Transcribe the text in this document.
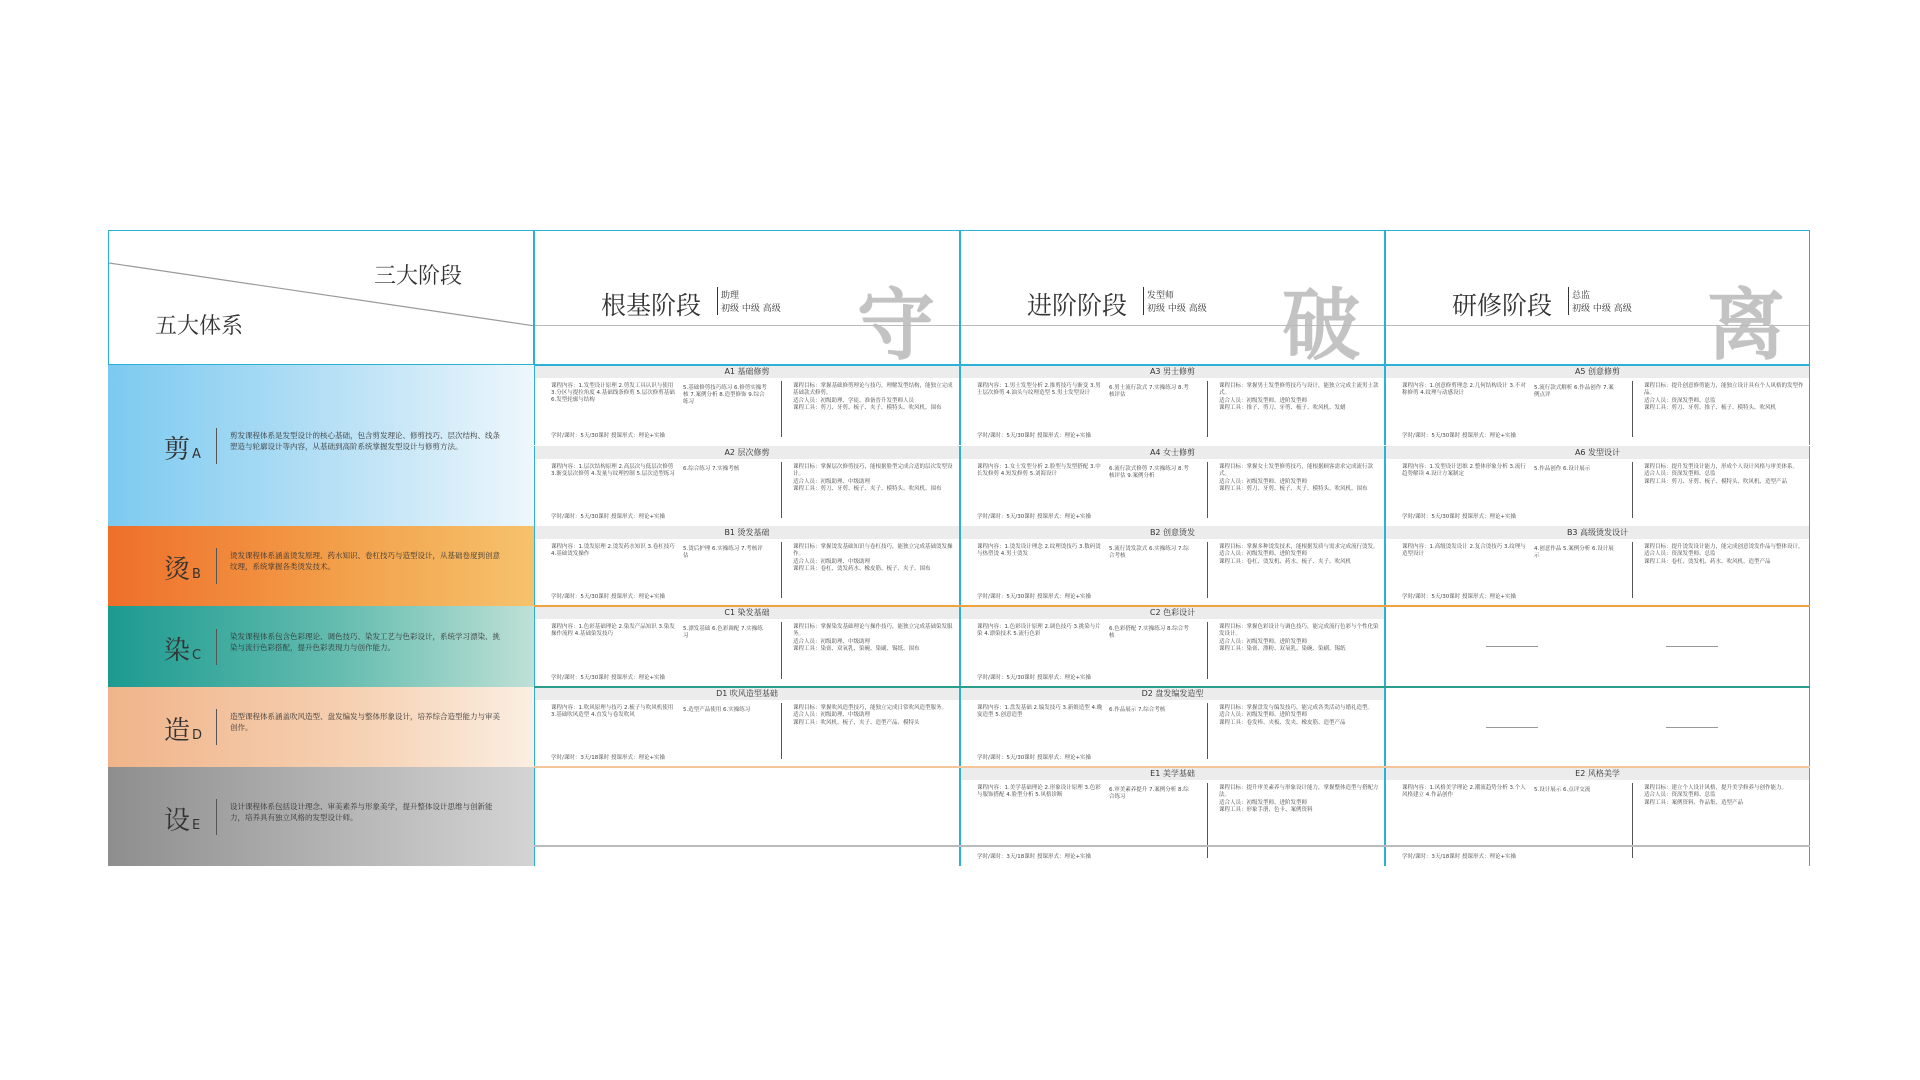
三大阶段
五大体系
根基阶段 助理
初级 中级 高级 守	进阶阶段 发型师
初级 中级 高级 破	研修阶段 总监
初级 中级 高级 离
剪 A
剪发课程体系是发型设计的核心基础，包含剪发理论、修剪技巧、层次结构、线条塑造与轮廓设计等内容，从基础到高阶系统掌握发型设计与修剪方法。
烫 B
烫发课程体系涵盖烫发原理、药水知识、卷杠技巧与造型设计，从基础卷度到创意纹理，系统掌握各类烫发技术。
染 C
染发课程体系包含色彩理论、调色技巧、染发工艺与色彩设计，系统学习漂染、挑染与流行色彩搭配，提升色彩表现力与创作能力。
造 D
造型课程体系涵盖吹风造型、盘发编发与整体形象设计，培养综合造型能力与审美创作。
设 E
设计课程体系包括设计理念、审美素养与形象美学，提升整体设计思维与创新能力，培养具有独立风格的发型设计师。
A1 基础修剪
课程内容：1.发型设计原理 2.剪发工具认识与使用 3.分区与提拉角度 4.基础线条修剪 5.层次修剪基础 6.发型轮廓与结构
5.基础修剪技巧练习 6.修剪实操考核 7.案例分析 8.造型修饰 9.综合练习
课程目标：掌握基础修剪理论与技巧，理解发型结构，能独立完成基础款式修剪。
适合人员：初级助理、学徒、准备晋升发型师人员
课程工具：剪刀、牙剪、梳子、夹子、模特头、吹风机、围布
学时/课时：5天/30课时 授课形式：理论+实操
A3 男士修剪
课程内容：1.男士发型分析 2.推剪技巧与渐变 3.男士层次修剪 4.油头与纹理造型 5.男士发型设计
6.男士流行款式 7.实操练习 8.考核评估
课程目标：掌握男士发型修剪技巧与设计，能独立完成主流男士款式。
适合人员：初级发型师、进阶发型师
课程工具：推子、剪刀、牙剪、梳子、吹风机、发蜡
学时/课时：5天/30课时 授课形式：理论+实操
A5 创意修剪
课程内容：1.创意修剪理念 2.几何结构设计 3.不对称修剪 4.纹理与动感设计
5.流行款式解析 6.作品创作 7.案例点评
课程目标：提升创意修剪能力，能独立设计具有个人风格的发型作品。
适合人员：资深发型师、总监
课程工具：剪刀、牙剪、推子、梳子、模特头、吹风机
学时/课时：5天/30课时 授课形式：理论+实操
A2 层次修剪
课程内容：1.层次结构原理 2.高层次与低层次修剪 3.渐变层次修剪 4.发量与纹理控制 5.层次造型练习
6.综合练习 7.实操考核	课程目标：掌握层次修剪技巧，能根据脸型完成合适的层次发型设计。
适合人员：初级助理、中级助理
课程工具：剪刀、牙剪、梳子、夹子、模特头、吹风机、围布
学时/课时：5天/30课时 授课形式：理论+实操
A4 女士修剪
课程内容：1.女士发型分析 2.脸型与发型搭配 3.中长发修剪 4.短发修剪 5.刘海设计
6.流行款式修剪 7.实操练习 8.考核评估 9.案例分析
课程目标：掌握女士发型修剪技巧，能根据顾客需求完成流行款式。
适合人员：初级发型师、进阶发型师
课程工具：剪刀、牙剪、梳子、夹子、模特头、吹风机、围布
学时/课时：5天/30课时 授课形式：理论+实操
A6 发型设计
课程内容：1.发型设计思维 2.整体形象分析 3.流行趋势解读 4.设计方案制定
5.作品创作 6.设计展示	课程目标：提升发型设计能力，形成个人设计风格与审美体系。
适合人员：资深发型师、总监
课程工具：剪刀、牙剪、梳子、模特头、吹风机、造型产品
学时/课时：5天/30课时 授课形式：理论+实操
B1 烫发基础
课程内容：1.烫发原理 2.烫发药水知识 3.卷杠技巧 4.基础烫发操作
5.烫后护理 6.实操练习 7.考核评估
课程目标：掌握烫发基础知识与卷杠技巧，能独立完成基础烫发操作。
适合人员：初级助理、中级助理
课程工具：卷杠、烫发药水、橡皮筋、梳子、夹子、围布
学时/课时：5天/30课时 授课形式：理论+实操
B2 创意烫发
课程内容：1.烫发设计理念 2.纹理烫技巧 3.数码烫与热塑烫 4.男士烫发
5.流行烫发款式 6.实操练习 7.综合考核
课程目标：掌握多种烫发技术，能根据发质与需求完成流行烫发。
适合人员：初级发型师、进阶发型师
课程工具：卷杠、烫发机、药水、梳子、夹子、吹风机
学时/课时：5天/30课时 授课形式：理论+实操
B3 高级烫发设计
课程内容：1.高级烫发设计 2.复合烫技巧 3.纹理与造型设计
4.创意作品 5.案例分析 6.设计展示
课程目标：提升烫发设计能力，能完成创意烫发作品与整体设计。
适合人员：资深发型师、总监
课程工具：卷杠、烫发机、药水、吹风机、造型产品
学时/课时：5天/30课时 授课形式：理论+实操
C1 染发基础
课程内容：1.色彩基础理论 2.染发产品知识 3.染发操作流程 4.基础染发技巧
5.漂发基础 6.色彩调配 7.实操练习
课程目标：掌握染发基础理论与操作技巧，能独立完成基础染发服务。
适合人员：初级助理、中级助理
课程工具：染膏、双氧乳、染碗、染刷、锡纸、围布
学时/课时：5天/30课时 授课形式：理论+实操
C2 色彩设计
课程内容：1.色彩设计原理 2.调色技巧 3.挑染与片染 4.漂染技术 5.流行色彩
6.色彩搭配 7.实操练习 8.综合考核
课程目标：掌握色彩设计与调色技巧，能完成流行色彩与个性化染发设计。
适合人员：初级发型师、进阶发型师
课程工具：染膏、漂粉、双氧乳、染碗、染刷、锡纸
学时/课时：5天/30课时 授课形式：理论+实操
D1 吹风造型基础
课程内容：1.吹风原理与技巧 2.梳子与吹风机使用 3.基础吹风造型 4.直发与卷发吹风
5.造型产品使用 6.实操练习	课程目标：掌握吹风造型技巧，能独立完成日常吹风造型服务。
适合人员：初级助理、中级助理
课程工具：吹风机、梳子、夹子、造型产品、模特头
学时/课时：3天/18课时 授课形式：理论+实操
D2 盘发编发造型
课程内容：1.盘发基础 2.编发技巧 3.新娘造型 4.晚宴造型 5.创意造型
6.作品展示 7.综合考核	课程目标：掌握盘发与编发技巧，能完成各类活动与婚礼造型。
适合人员：初级发型师、进阶发型师
课程工具：卷发棒、夹板、发夹、橡皮筋、造型产品
学时/课时：5天/30课时 授课形式：理论+实操
E1 美学基础
课程内容：1.美学基础理论 2.形象设计原理 3.色彩与服饰搭配 4.脸型分析 5.风格诊断
6.审美素养提升 7.案例分析 8.综合练习
课程目标：提升审美素养与形象设计能力，掌握整体造型与搭配方法。
适合人员：初级发型师、进阶发型师
课程工具：形象手册、色卡、案例资料
学时/课时：3天/18课时 授课形式：理论+实操
E2 风格美学
课程内容：1.风格美学理论 2.潮流趋势分析 3.个人风格建立 4.作品创作
5.设计展示 6.点评交流	课程目标：建立个人设计风格，提升美学修养与创作能力。
适合人员：资深发型师、总监
课程工具：案例资料、作品集、造型产品
学时/课时：3天/18课时 授课形式：理论+实操
